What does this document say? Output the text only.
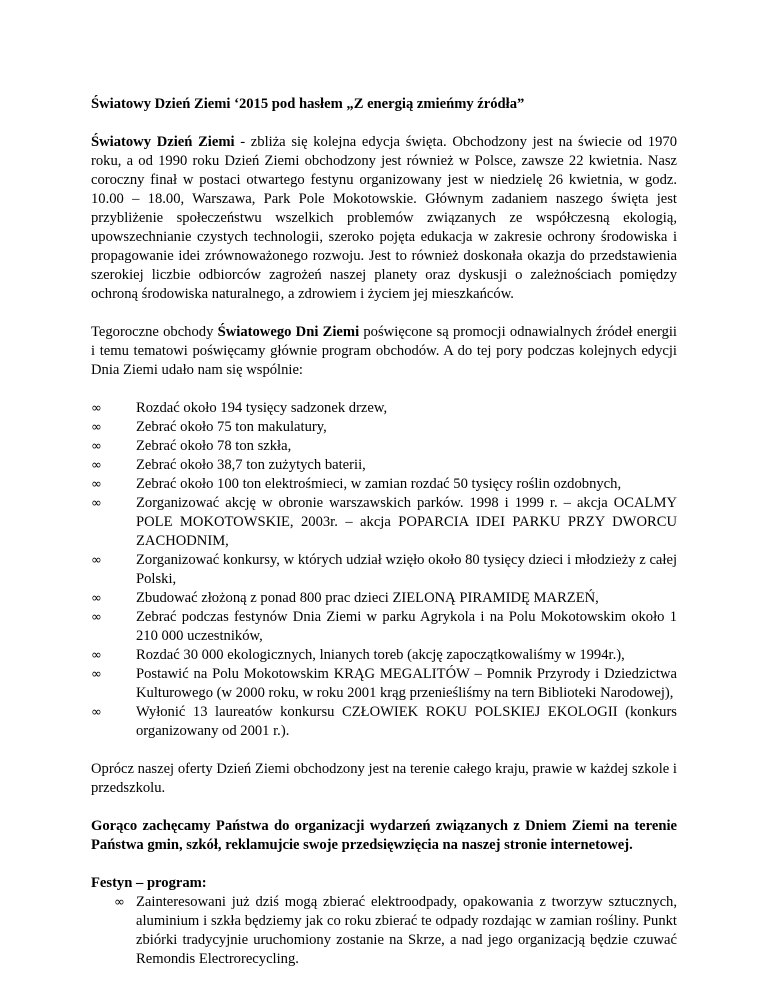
Światowy Dzień Ziemi ‘2015 pod hasłem „Z energią zmieńmy źródła”

Światowy Dzień Ziemi - zbliża się kolejna edycja święta. Obchodzony jest na świecie od 1970 roku, a od 1990 roku Dzień Ziemi obchodzony jest również w Polsce, zawsze 22 kwietnia. Nasz coroczny finał w postaci otwartego festynu organizowany jest w niedzielę 26 kwietnia, w godz. 10.00 – 18.00, Warszawa, Park Pole Mokotowskie. Głównym zadaniem naszego święta jest przybliżenie społeczeństwu wszelkich problemów związanych ze współczesną ekologią, upowszechnianie czystych technologii, szeroko pojęta edukacja w zakresie ochrony środowiska i propagowanie idei zrównoważonego rozwoju. Jest to również doskonała okazja do przedstawienia szerokiej liczbie odbiorców zagrożeń naszej planety oraz dyskusji o zależnościach pomiędzy ochroną środowiska naturalnego, a zdrowiem i życiem jej mieszkańców.

Tegoroczne obchody Światowego Dni Ziemi poświęcone są promocji odnawialnych źródeł energii i temu tematowi poświęcamy głównie program obchodów. A do tej pory podczas kolejnych edycji Dnia Ziemi udało nam się wspólnie:

∞	Rozdać około 194 tysięcy sadzonek drzew,
∞	Zebrać około 75 ton makulatury,
∞	Zebrać około 78 ton szkła,
∞	Zebrać około 38,7 ton zużytych baterii,
∞	Zebrać około 100 ton elektrośmieci, w zamian rozdać 50 tysięcy roślin ozdobnych,
∞	Zorganizować akcję w obronie warszawskich parków. 1998 i 1999 r. – akcja OCALMY POLE MOKOTOWSKIE, 2003r. – akcja POPARCIA IDEI PARKU PRZY DWORCU ZACHODNIM,
∞	Zorganizować konkursy, w których udział wzięło około 80 tysięcy dzieci i młodzieży z całej Polski,
∞	Zbudować złożoną z ponad 800 prac dzieci ZIELONĄ PIRAMIDĘ MARZEŃ,
∞	Zebrać podczas festynów Dnia Ziemi w parku Agrykola i na Polu Mokotowskim około 1 210 000 uczestników,
∞	Rozdać 30 000 ekologicznych, lnianych toreb (akcję zapoczątkowaliśmy w 1994r.),
∞	Postawić na Polu Mokotowskim KRĄG MEGALITÓW – Pomnik Przyrody i Dziedzictwa Kulturowego (w 2000 roku, w roku 2001 krąg przenieśliśmy na tern Biblioteki Narodowej),
∞	Wyłonić 13 laureatów konkursu CZŁOWIEK ROKU POLSKIEJ EKOLOGII (konkurs organizowany od 2001 r.).

Oprócz naszej oferty Dzień Ziemi obchodzony jest na terenie całego kraju, prawie w każdej szkole i przedszkolu.

Gorąco zachęcamy Państwa do organizacji wydarzeń związanych z Dniem Ziemi na terenie Państwa gmin, szkół, reklamujcie swoje przedsięwzięcia na naszej stronie internetowej.

Festyn – program:

∞ Zainteresowani już dziś mogą zbierać elektroodpady, opakowania z tworzyw sztucznych, aluminium i szkła będziemy jak co roku zbierać te odpady rozdając w zamian rośliny. Punkt zbiórki tradycyjnie uruchomiony zostanie na Skrze, a nad jego organizacją będzie czuwać Remondis Electrorecycling.
